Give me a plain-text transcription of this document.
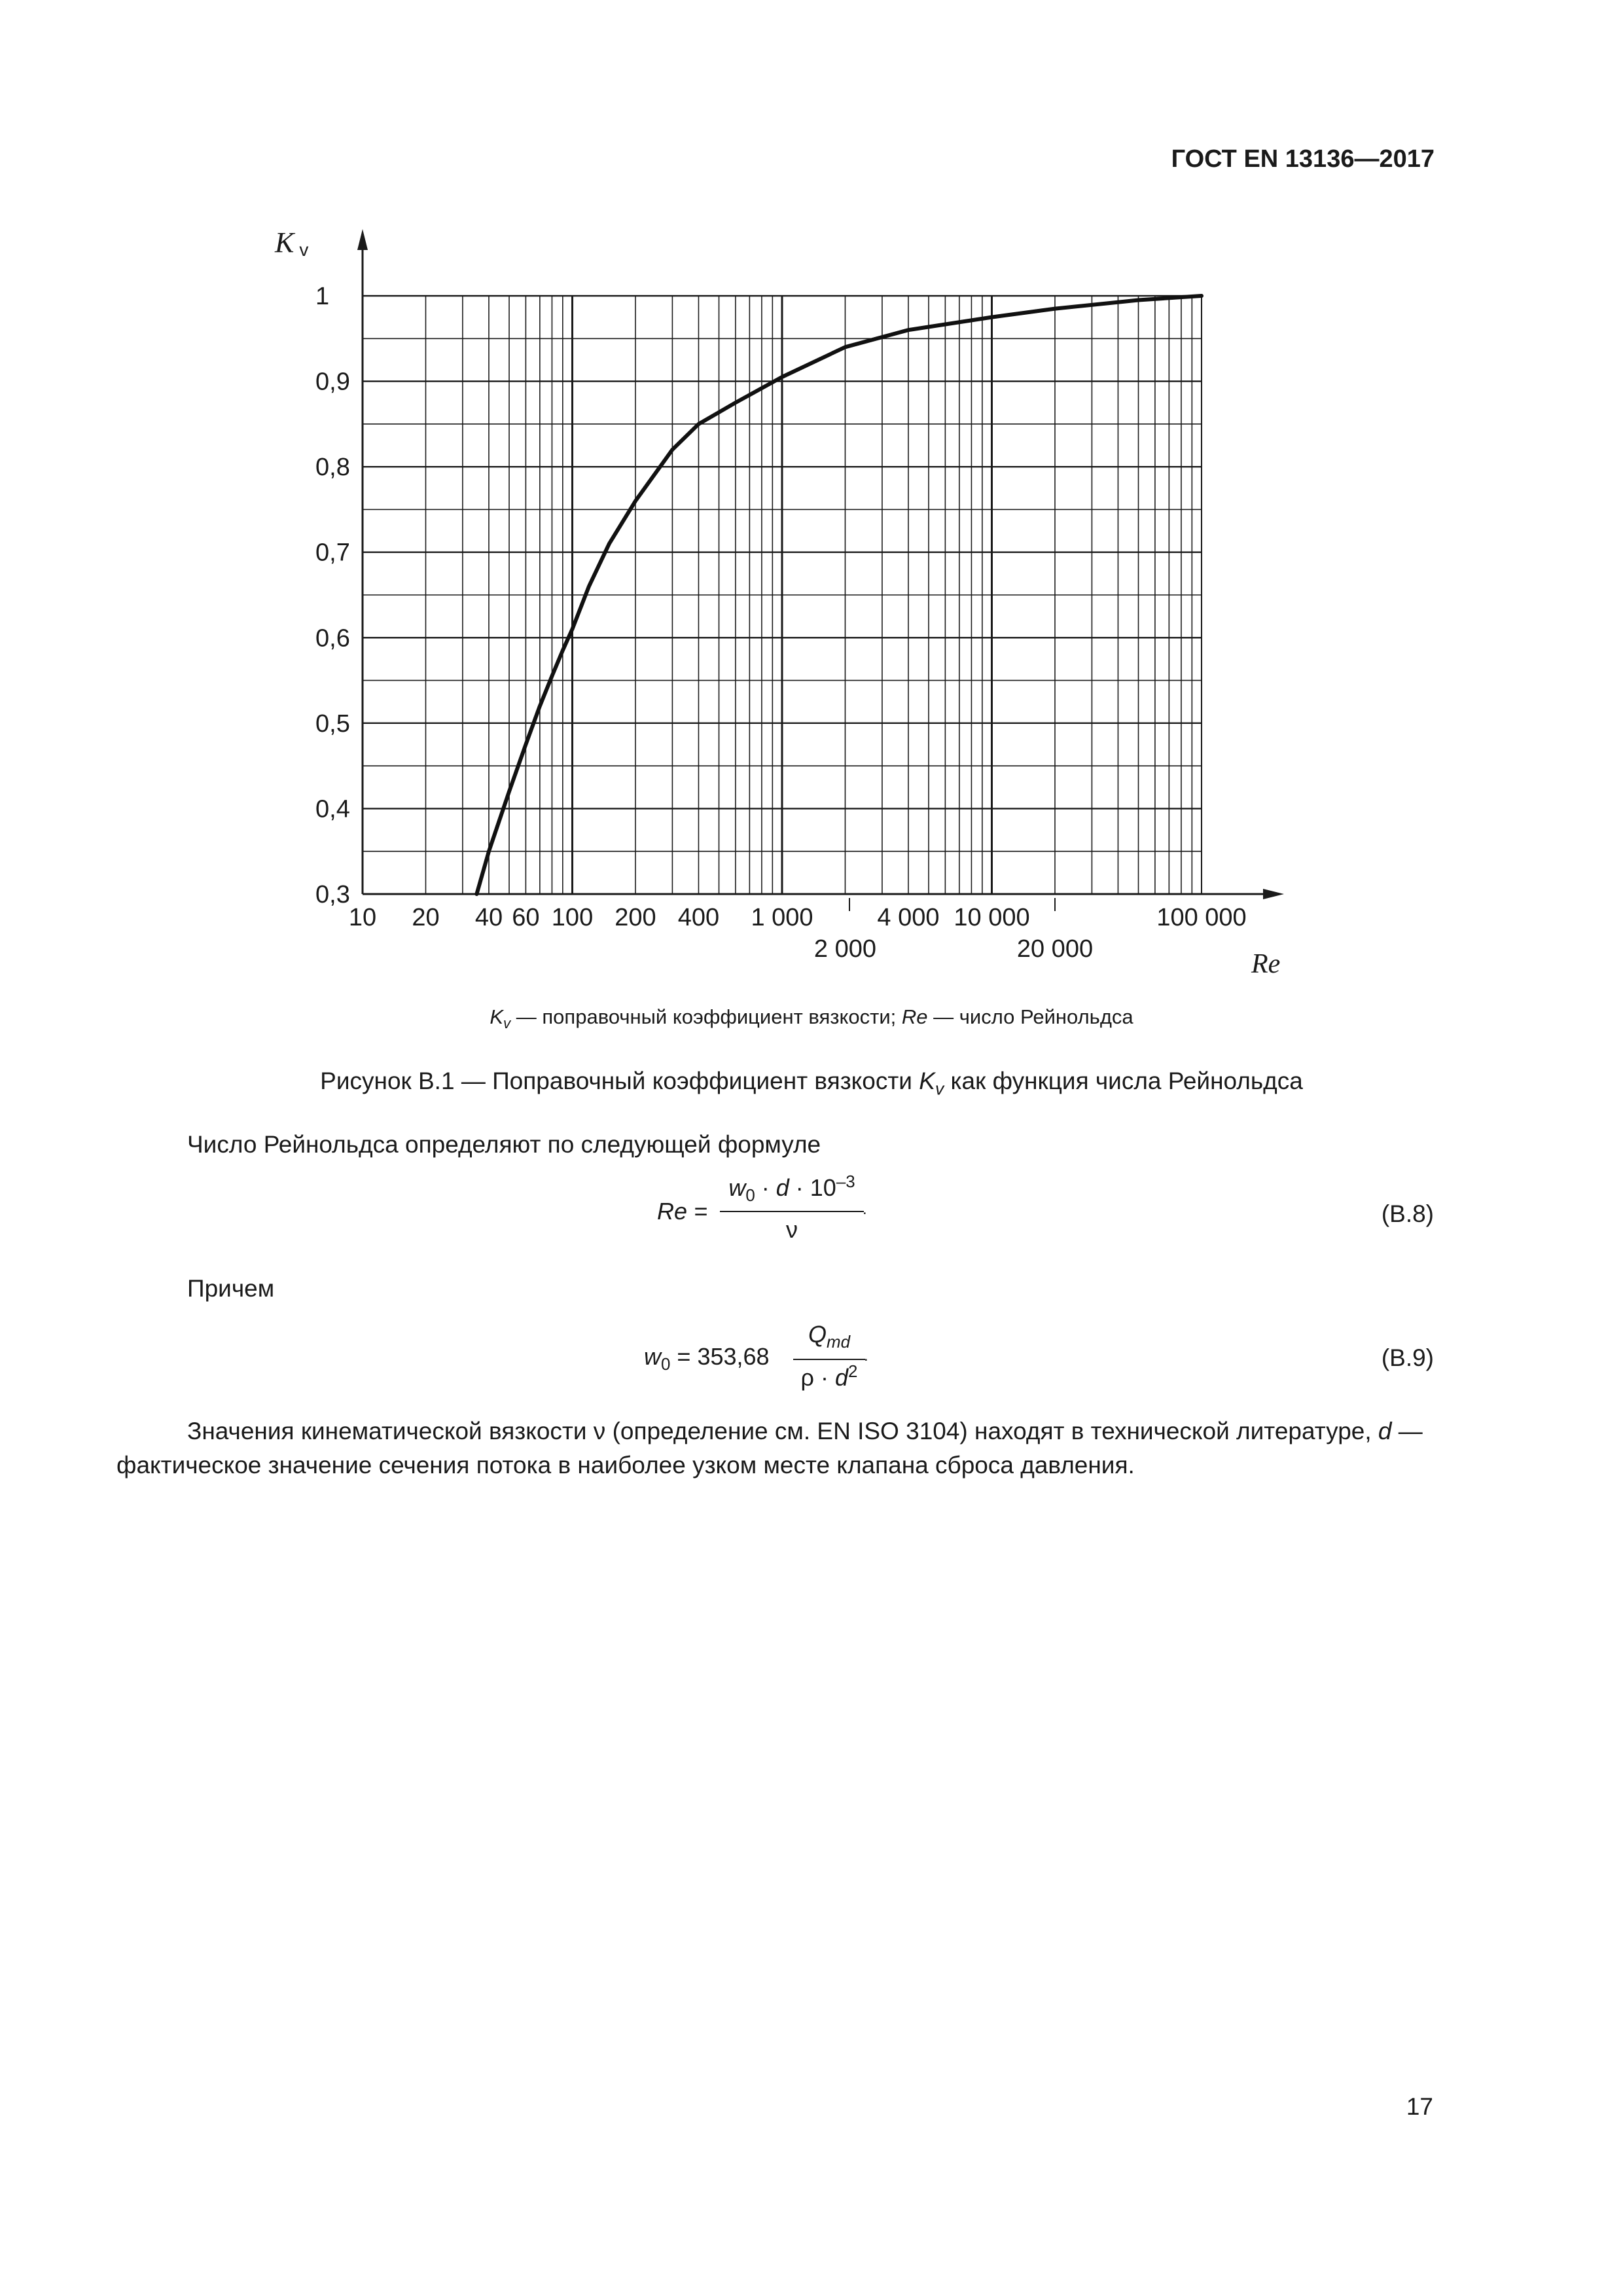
ГОСТ EN 13136—2017
0,3
0,4
0,5
0,6
0,7
0,8
0,9
1
10 20 40 60 100 200 400 1 000	4 000 10 000	100 000
2 000	20 000
Kv
Re
$K_v$ — поправочный коэффициент вязкости; Re — число Рейнольдса
Рисунок В.1 — Поправочный коэффициент вязкости $K_v$ как функция числа Рейнольдса
Число Рейнольдса определяют по следующей формуле
Re =
$w_0 \cdot d \cdot 10^{-3}$
ν
.	(В.8)
Причем
$w_0 = 353,68$
$Q_{md}$
$\rho \cdot d^2$
.	(В.9)
Значения кинематической вязкости ν (определение см. EN ISO 3104) находят в технической литературе, d —
фактическое значение сечения потока в наиболее узком месте клапана сброса давления.
17
